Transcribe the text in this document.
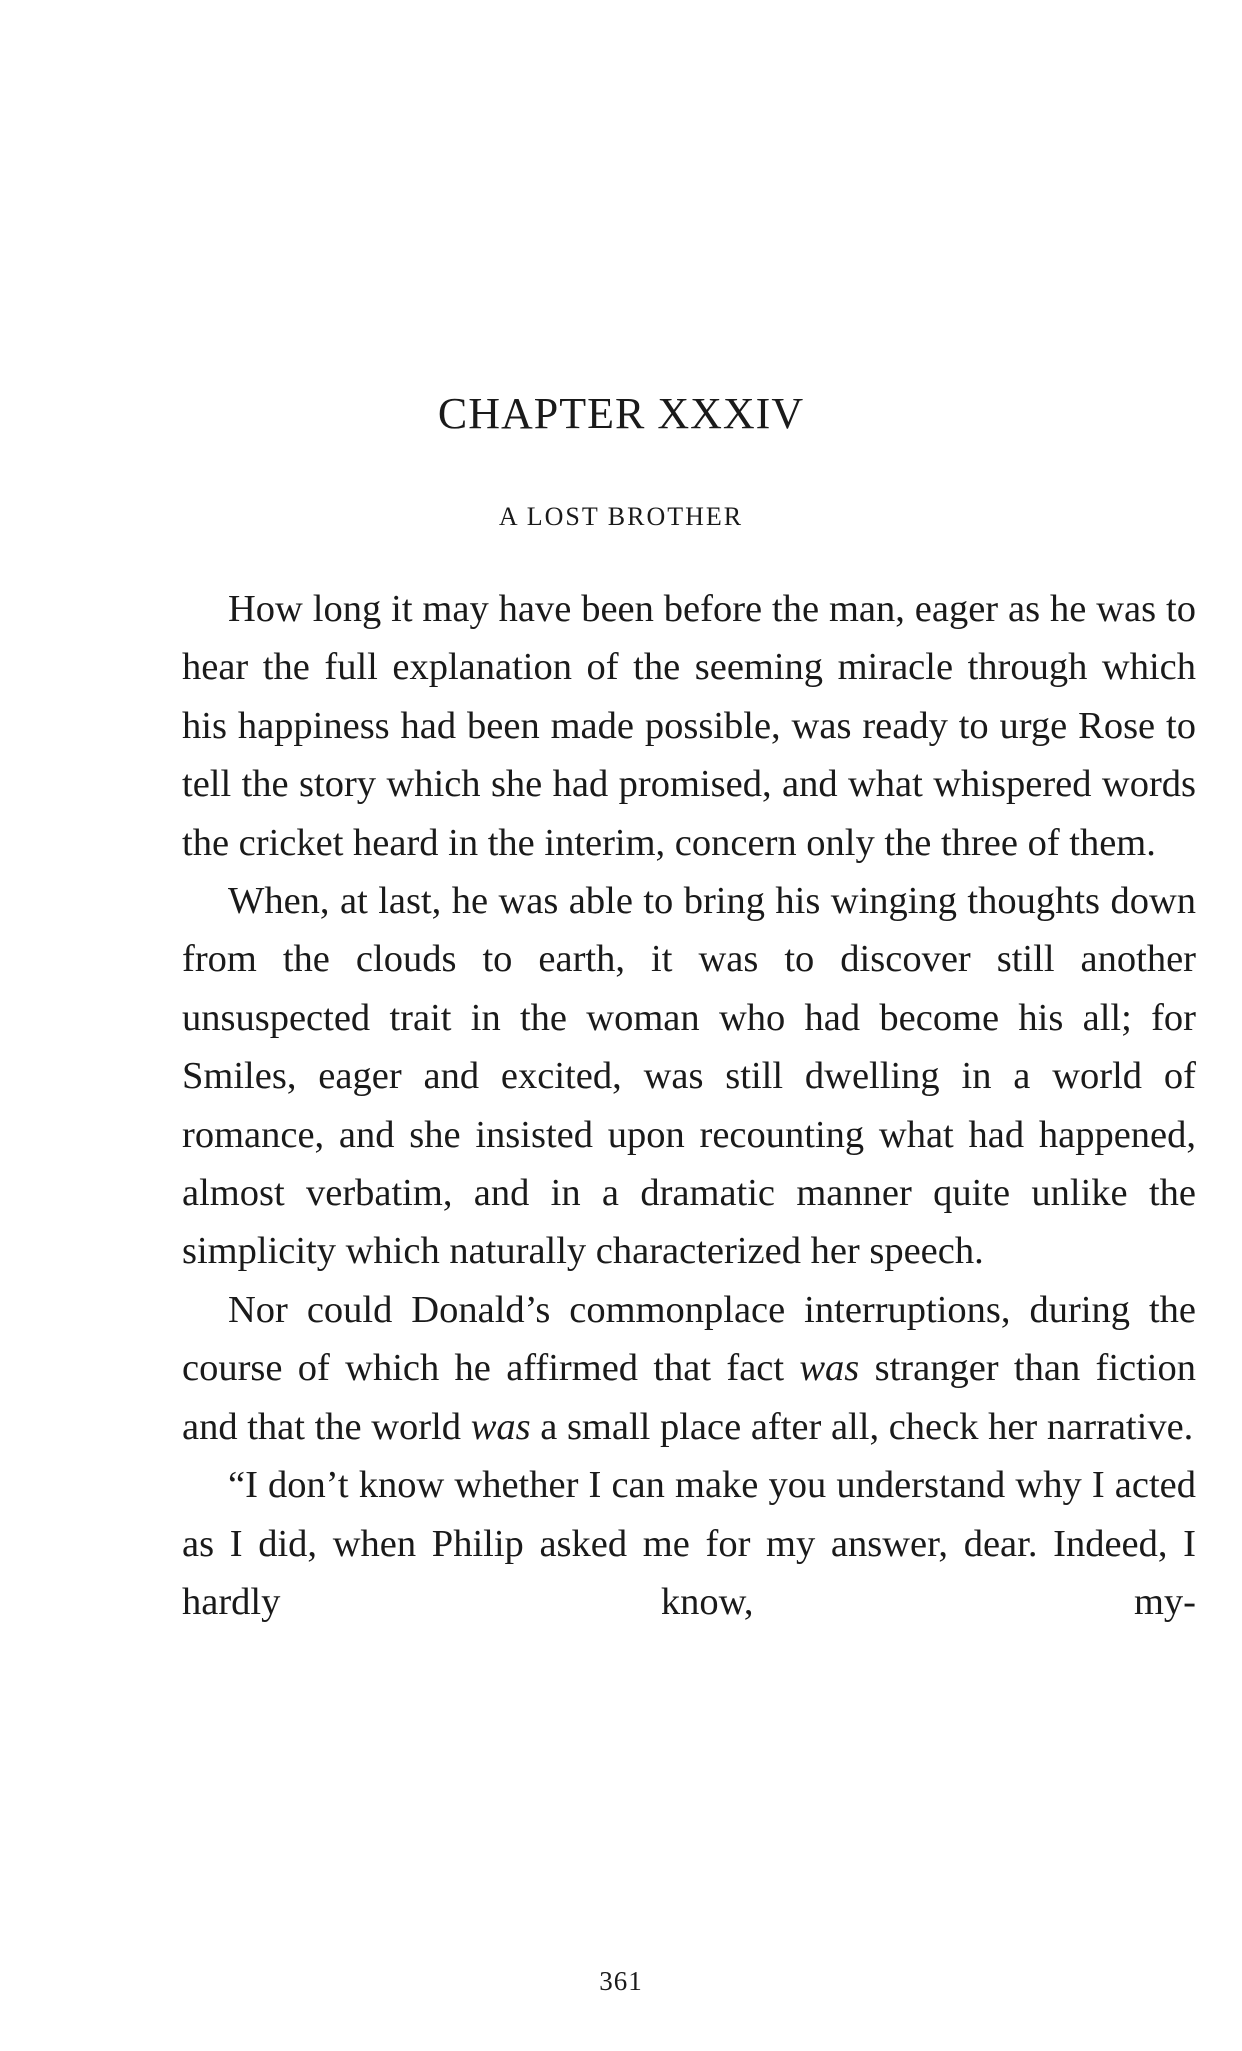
CHAPTER XXXIV
A LOST BROTHER

How long it may have been before the man, eager as he was to hear the full explanation of the seeming miracle through which his happiness had been made possible, was ready to urge Rose to tell the story which she had promised, and what whispered words the cricket heard in the interim, concern only the three of them.

When, at last, he was able to bring his winging thoughts down from the clouds to earth, it was to discover still another unsuspected trait in the woman who had become his all; for Smiles, eager and excited, was still dwelling in a world of romance, and she insisted upon recounting what had happened, almost verbatim, and in a dramatic manner quite unlike the simplicity which naturally characterized her speech.

Nor could Donald’s commonplace interruptions, during the course of which he affirmed that fact was stranger than fiction and that the world was a small place after all, check her narrative.

“I don’t know whether I can make you understand why I acted as I did, when Philip asked me for my answer, dear. Indeed, I hardly know, my-

361
